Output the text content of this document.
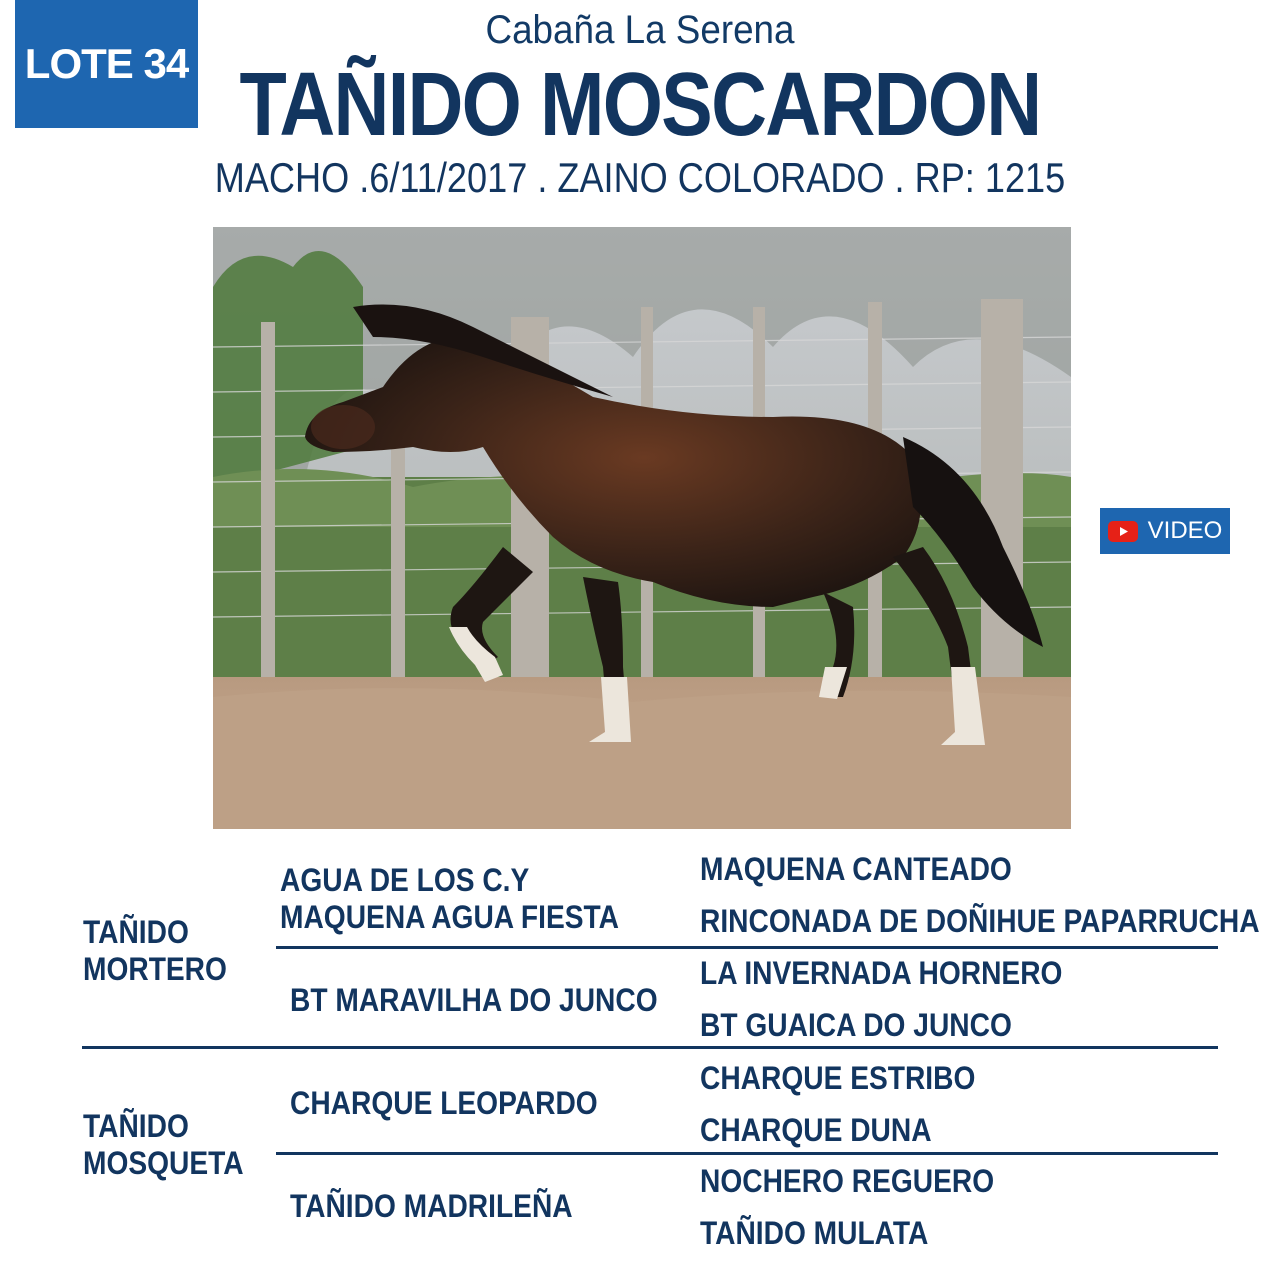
LOTE 34
Cabaña La Serena
TAÑIDO MOSCARDON
MACHO .6/11/2017 . ZAINO COLORADO . RP: 1215
VIDEO
TAÑIDO
MORTERO
TAÑIDO
MOSQUETA
AGUA DE LOS C.Y
MAQUENA AGUA FIESTA
BT MARAVILHA DO JUNCO
CHARQUE LEOPARDO
TAÑIDO MADRILEÑA
MAQUENA CANTEADO
RINCONADA DE DOÑIHUE PAPARRUCHA
LA INVERNADA HORNERO
BT GUAICA DO JUNCO
CHARQUE ESTRIBO
CHARQUE DUNA
NOCHERO REGUERO
TAÑIDO MULATA
